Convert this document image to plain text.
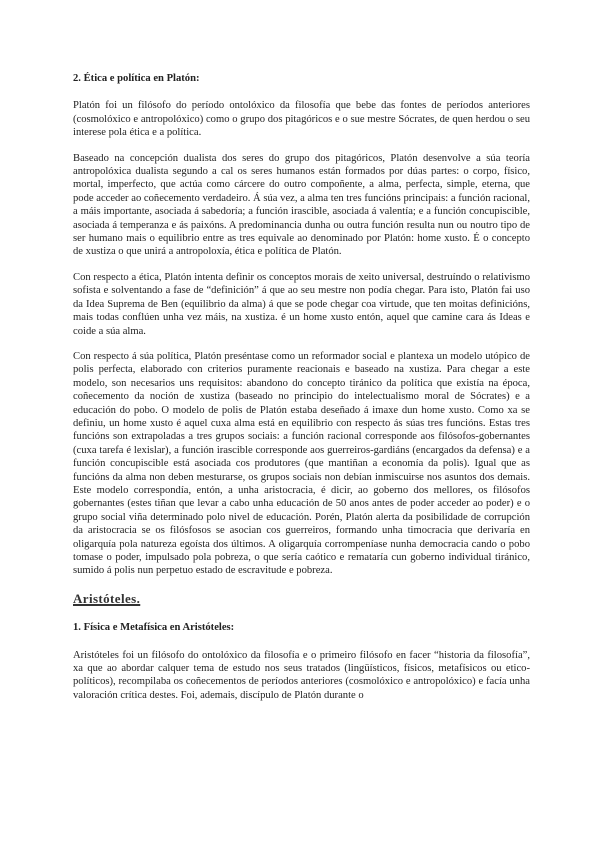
2. Ética e política en Platón:

Platón foi un filósofo do período ontolóxico da filosofía que bebe das fontes de períodos anteriores (cosmolóxico e antropolóxico) como o grupo dos pitagóricos e o sue mestre Sócrates, de quen herdou o seu interese pola ética e a política.

Baseado na concepción dualista dos seres do grupo dos pitagóricos, Platón desenvolve a súa teoría antropolóxica dualista segundo a cal os seres humanos están formados por dúas partes: o corpo, físico, mortal, imperfecto, que actúa como cárcere do outro compoñente, a alma, perfecta, simple, eterna, que pode acceder ao coñecemento verdadeiro. Á súa vez, a alma ten tres funcións principais: a función racional, a máis importante, asociada á sabedoría; a función irascible, asociada á valentía; e a función concupiscible, asociada á temperanza e ás paixóns. A predominancia dunha ou outra función resulta nun ou noutro tipo de ser humano mais o equilibrio entre as tres equivale ao denominado por Platón: home xusto. É o concepto de xustiza o que unirá a antropoloxía, ética e política de Platón.

Con respecto a ética, Platón intenta definir os conceptos morais de xeito universal, destruíndo o relativismo sofista e solventando a fase de “definición” á que ao seu mestre non podía chegar. Para isto, Platón fai uso da Idea Suprema de Ben (equilibrio da alma) á que se pode chegar coa virtude, que ten moitas definicións, mais todas conflúen unha vez máis, na xustiza. é un home xusto entón, aquel que camine cara ás Ideas e coide a súa alma.

Con respecto á súa política, Platón preséntase como un reformador social e plantexa un modelo utópico de polis perfecta, elaborado con criterios puramente reacionais e baseado na xustiza. Para chegar a este modelo, son necesarios uns requisitos: abandono do concepto tiránico da política que existía na época, coñecemento da noción de xustiza (baseado no principio do intelectualismo moral de Sócrates) e a educación do pobo. O modelo de polis de Platón estaba deseñado á imaxe dun home xusto. Como xa se definiu, un home xusto é aquel cuxa alma está en equilibrio con respecto ás súas tres funcións. Estas tres funcións son extrapoladas a tres grupos sociais: a función racional corresponde aos filósofos-gobernantes (cuxa tarefa é lexislar), a función irascible corresponde aos guerreiros-gardiáns (encargados da defensa) e a función concupiscible está asociada cos produtores (que mantiñan a economía da polis). Igual que as funcións da alma non deben mesturarse, os grupos sociais non debían inmiscuirse nos asuntos dos demais. Este modelo correspondía, entón, a unha aristocracia, é dicir, ao goberno dos mellores, os filósofos gobernantes (estes tiñan que levar a cabo unha educación de 50 anos antes de poder acceder ao poder) e o grupo social viña determinado polo nivel de educación. Porén, Platón alerta da posibilidade de corrupción da aristocracia se os filósfosos se asocian cos guerreiros, formando unha timocracia que derivaría en oligarquía pola natureza egoísta dos últimos. A oligarquía corrompeníase nunha democracia cando o pobo tomase o poder, impulsado pola pobreza, o que sería caótico e remataría cun goberno individual tiránico, sumido á polis nun perpetuo estado de escravitude e pobreza.

Aristóteles.
1. Física e Metafísica en Aristóteles:

Aristóteles foi un filósofo do ontolóxico da filosofía e o primeiro filósofo en facer “historia da filosofía”, xa que ao abordar calquer tema de estudo nos seus tratados (lingüísticos, físicos, metafísicos ou etico-políticos), recompilaba os coñecementos de períodos anteriores (cosmolóxico e antropolóxico) e facía unha valoración crítica destes. Foi, ademais, discípulo de Platón durante o
